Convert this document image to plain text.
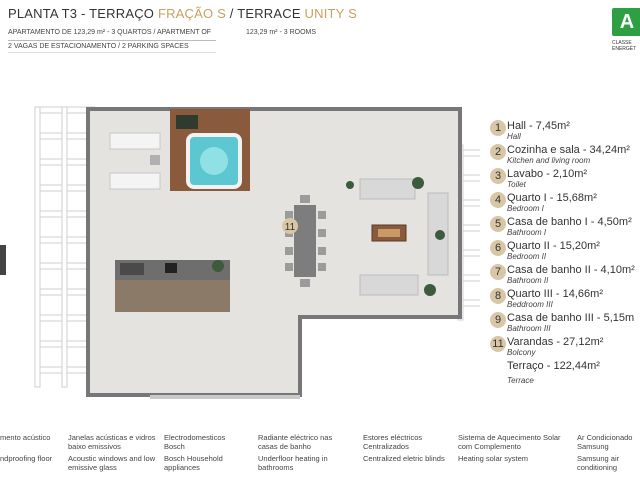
PLANTA T3 - TERRAÇO FRAÇÃO S / TERRACE UNITY S
APARTAMENTO DE 123,29 m² - 3 QUARTOS / APARTMENT OF	123,29 m² - 3 ROOMS
2 VAGAS DE ESTACIONAMENTO / 2 PARKING SPACES
A
CLASSE
ENERGÉT
11
1 Hall - 7,45m²
Hall
2 Cozinha e sala - 34,24m²
Kitchen and living room
3 Lavabo - 2,10m²
Toilet
4 Quarto I - 15,68m²
Bedroom I
5 Casa de banho I - 4,50m²
Bathroom I
6 Quarto II - 15,20m²
Bedroom II
7 Casa de banho II - 4,10m²
Bathroom II
8 Quarto III - 14,66m²
Beddroom III
9 Casa de banho III - 5,15m
Bathroom III
11 Varandas - 27,12m²
Bolcony
Terraço - 122,44m²
Terrace
mento acústico
ndproofing floor
Janelas acústicas e vidros baixo emissivos
Acoustic windows and low emissive glass
Electrodomesticos Bosch
Bosch Household appliances
Radiante eléctrico nas casas de banho
Underfloor heating in bathrooms
Estores eléctricos Centralizados
Centralized eletric blinds
Sistema de Aquecimento Solar com Complemento
Heating solar system
Ar Condicionado Samsung
Samsung air conditioning
